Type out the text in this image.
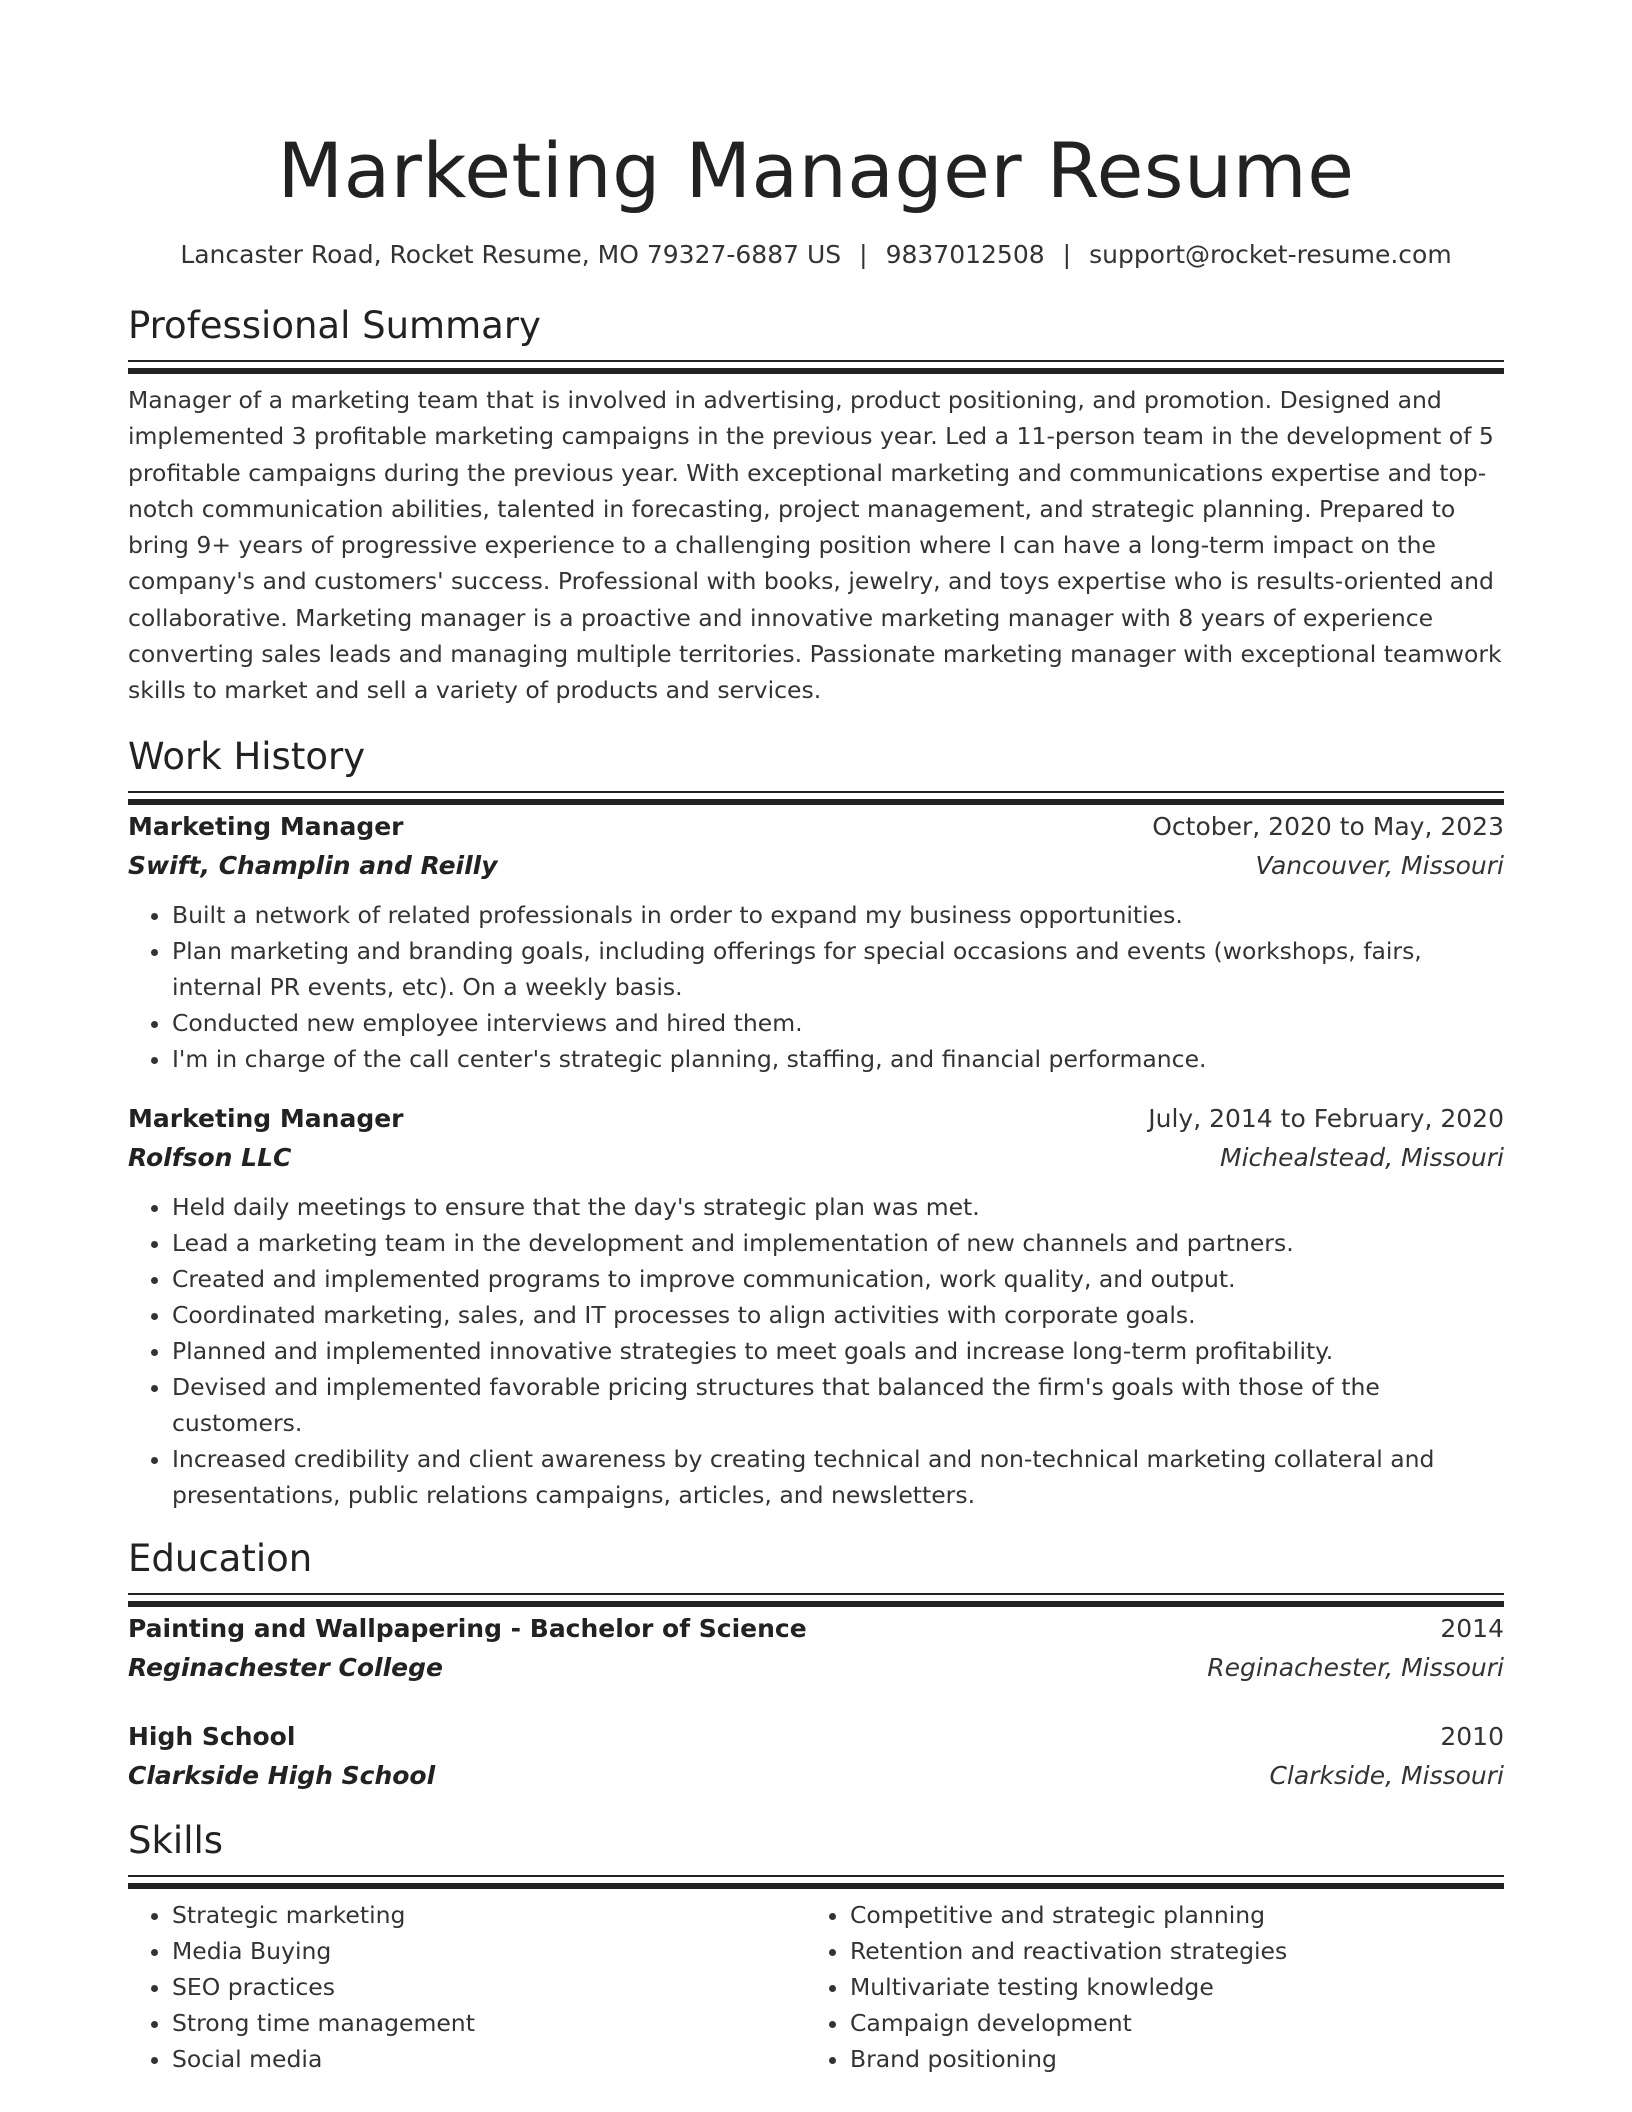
Marketing Manager Resume
Lancaster Road, Rocket Resume, MO 79327-6887 US | 9837012508 | support@rocket-resume.com
Professional Summary

Manager of a marketing team that is involved in advertising, product positioning, and promotion. Designed and implemented 3 profitable marketing campaigns in the previous year. Led a 11-person team in the development of 5 profitable campaigns during the previous year. With exceptional marketing and communications expertise and top-notch communication abilities, talented in forecasting, project management, and strategic planning. Prepared to bring 9+ years of progressive experience to a challenging position where I can have a long-term impact on the company's and customers' success. Professional with books, jewelry, and toys expertise who is results-oriented and collaborative. Marketing manager is a proactive and innovative marketing manager with 8 years of experience converting sales leads and managing multiple territories. Passionate marketing manager with exceptional teamwork skills to market and sell a variety of products and services.

Work History
Marketing Manager	October, 2020 to May, 2023
Swift, Champlin and Reilly	Vancouver, Missouri
• Built a network of related professionals in order to expand my business opportunities.
• Plan marketing and branding goals, including offerings for special occasions and events (workshops, fairs, internal PR events, etc). On a weekly basis.
• Conducted new employee interviews and hired them.
• I'm in charge of the call center's strategic planning, staffing, and financial performance.
Marketing Manager	July, 2014 to February, 2020
Rolfson LLC	Michealstead, Missouri
• Held daily meetings to ensure that the day's strategic plan was met.
• Lead a marketing team in the development and implementation of new channels and partners.
• Created and implemented programs to improve communication, work quality, and output.
• Coordinated marketing, sales, and IT processes to align activities with corporate goals.
• Planned and implemented innovative strategies to meet goals and increase long-term profitability.
• Devised and implemented favorable pricing structures that balanced the firm's goals with those of the customers.
• Increased credibility and client awareness by creating technical and non-technical marketing collateral and presentations, public relations campaigns, articles, and newsletters.
Education
Painting and Wallpapering - Bachelor of Science	2014
Reginachester College	Reginachester, Missouri
High School	2010
Clarkside High School	Clarkside, Missouri
Skills
• Strategic marketing
• Media Buying
• SEO practices
• Strong time management
• Social media
• Competitive and strategic planning
• Retention and reactivation strategies
• Multivariate testing knowledge
• Campaign development
• Brand positioning
